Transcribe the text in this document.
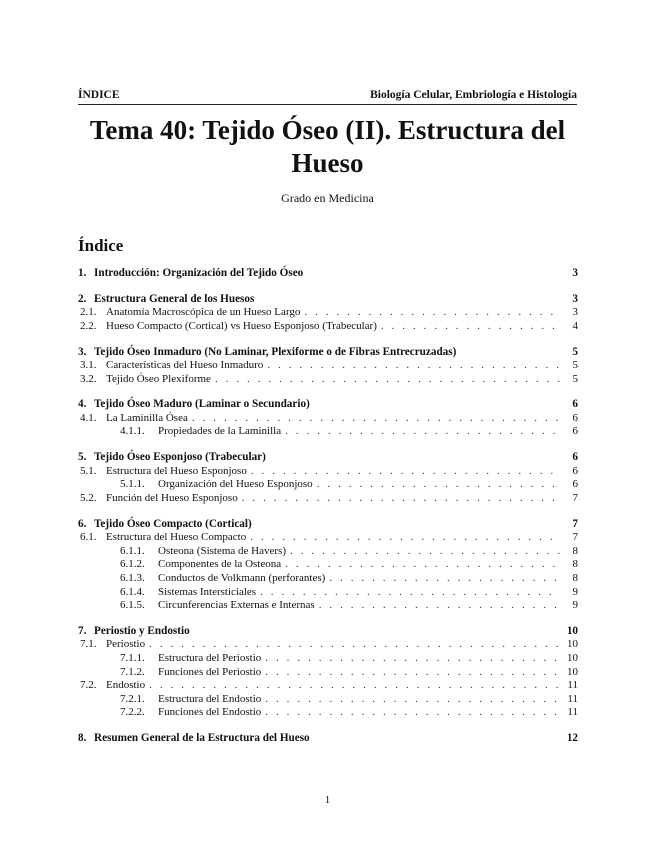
ÍNDICE	Biología Celular, Embriología e Histología
Tema 40: Tejido Óseo (II). Estructura del Hueso
Grado en Medicina
Índice
1. Introducción: Organización del Tejido Óseo	3
2. Estructura General de los Huesos	3
2.1. Anatomía Macroscópica de un Hueso Largo . . .	3
2.2. Hueso Compacto (Cortical) vs Hueso Esponjoso (Trabecular) . . .	4
3. Tejido Óseo Inmaduro (No Laminar, Plexiforme o de Fibras Entrecruzadas)	5
3.1. Características del Hueso Inmaduro . . .	5
3.2. Tejido Óseo Plexiforme . . .	5
4. Tejido Óseo Maduro (Laminar o Secundario)	6
4.1. La Laminilla Ósea . . .	6
4.1.1.	Propiedades de la Laminilla . . .	6
5. Tejido Óseo Esponjoso (Trabecular)	6
5.1. Estructura del Hueso Esponjoso . . .	6
5.1.1.	Organización del Hueso Esponjoso . . .	6
5.2. Función del Hueso Esponjoso . . .	7
6. Tejido Óseo Compacto (Cortical)	7
6.1. Estructura del Hueso Compacto . . .	7
6.1.1.	Osteona (Sistema de Havers) . . .	8
6.1.2.	Componentes de la Osteona . . .	8
6.1.3.	Conductos de Volkmann (perforantes) . . .	8
6.1.4.	Sistemas Intersticiales . . .	9
6.1.5.	Circunferencias Externas e Internas . . .	9
7. Periostio y Endostio	10
7.1. Periostio . . .	10
7.1.1.	Estructura del Periostio . . .	10
7.1.2.	Funciones del Periostio . . .	10
7.2. Endostio . . .	11
7.2.1.	Estructura del Endostio . . .	11
7.2.2.	Funciones del Endostio . . .	11
8. Resumen General de la Estructura del Hueso	12
1
